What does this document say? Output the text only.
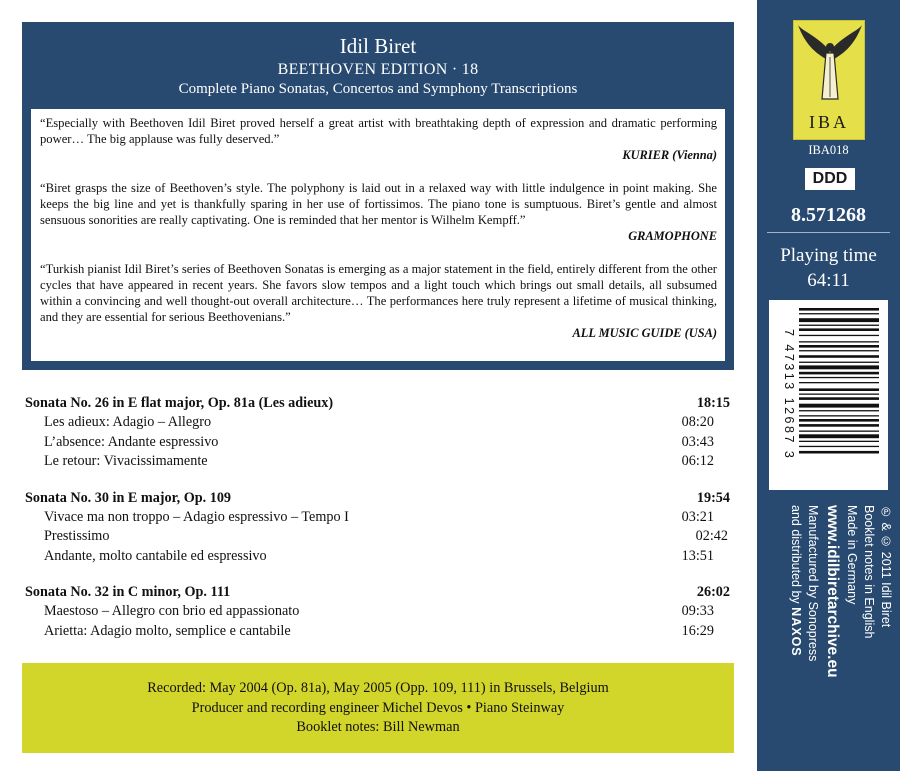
Idil Biret
BEETHOVEN EDITION · 18
Complete Piano Sonatas, Concertos and Symphony Transcriptions

“Especially with Beethoven Idil Biret proved herself a great artist with breathtaking depth of expression and dramatic performing power… The big applause was fully deserved.”

KURIER (Vienna)

“Biret grasps the size of Beethoven’s style. The polyphony is laid out in a relaxed way with little indulgence in point making. She keeps the big line and yet is thankfully sparing in her use of fortissimos. The piano tone is sumptuous. Biret’s gentle and almost sensuous sonorities are really captivating. One is reminded that her mentor is Wilhelm Kempff.”

GRAMOPHONE

“Turkish pianist Idil Biret’s series of Beethoven Sonatas is emerging as a major statement in the field, entirely different from the other cycles that have appeared in recent years. She favors slow tempos and a light touch which brings out small details, all subsumed within a convincing and well thought-out overall architecture… The performances here truly represent a lifetime of musical thinking, and they are essential for serious Beethovenians.”

ALL MUSIC GUIDE (USA)

Sonata No. 26 in E flat major, Op. 81a (Les adieux)	18:15
Les adieux: Adagio – Allegro	08:20
L’absence: Andante espressivo	03:43
Le retour: Vivacissimamente	06:12
Sonata No. 30 in E major, Op. 109	19:54
Vivace ma non troppo – Adagio espressivo – Tempo I	03:21
Prestissimo	02:42
Andante, molto cantabile ed espressivo	13:51
Sonata No. 32 in C minor, Op. 111	26:02
Maestoso – Allegro con brio ed appassionato	09:33
Arietta: Adagio molto, semplice e cantabile	16:29
Recorded: May 2004 (Op. 81a), May 2005 (Opp. 109, 111) in Brussels, Belgium
Producer and recording engineer Michel Devos • Piano Steinway
Booklet notes: Bill Newman
IBA
IBA018
DDD
8.571268
Playing time
64:11
7 47313 12687 3
℗ & © 2011 Idil Biret
Booklet notes in English
Made in Germany
www.idilbiretarchive.eu
Manufactured by Sonopress
and distributed by NAXOS
